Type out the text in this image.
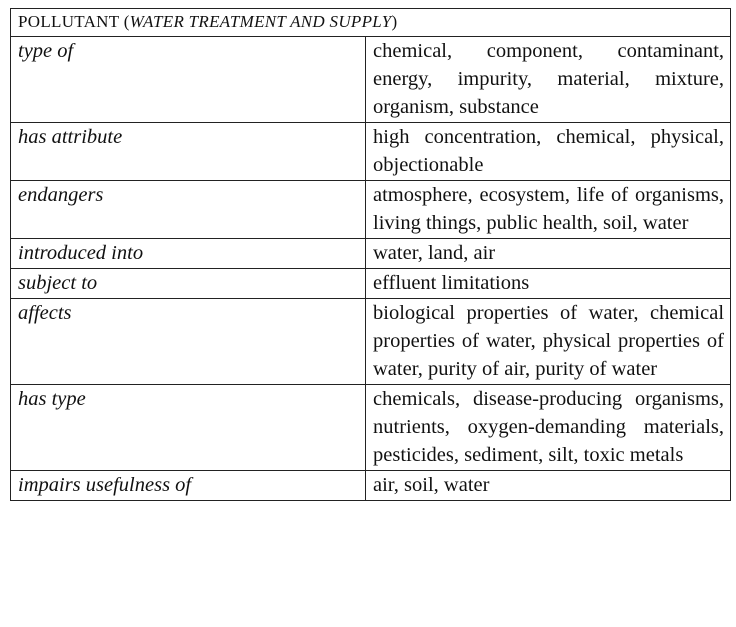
POLLUTANT (WATER TREATMENT AND SUPPLY)	
type of	chemical, component, contaminant, energy, impurity, material, mixture, organism, substance
has attribute	high concentration, chemical, physical, objectionable
endangers	atmosphere, ecosystem, life of organisms, living things, public health, soil, water
introduced into	water, land, air
subject to	effluent limitations
affects	biological properties of water, chemical properties of water, physical properties of water, purity of air, purity of water
has type	chemicals, disease-producing organisms, nutrients, oxygen-demanding materials, pesticides, sediment, silt, toxic metals
impairs usefulness of	air, soil, water
